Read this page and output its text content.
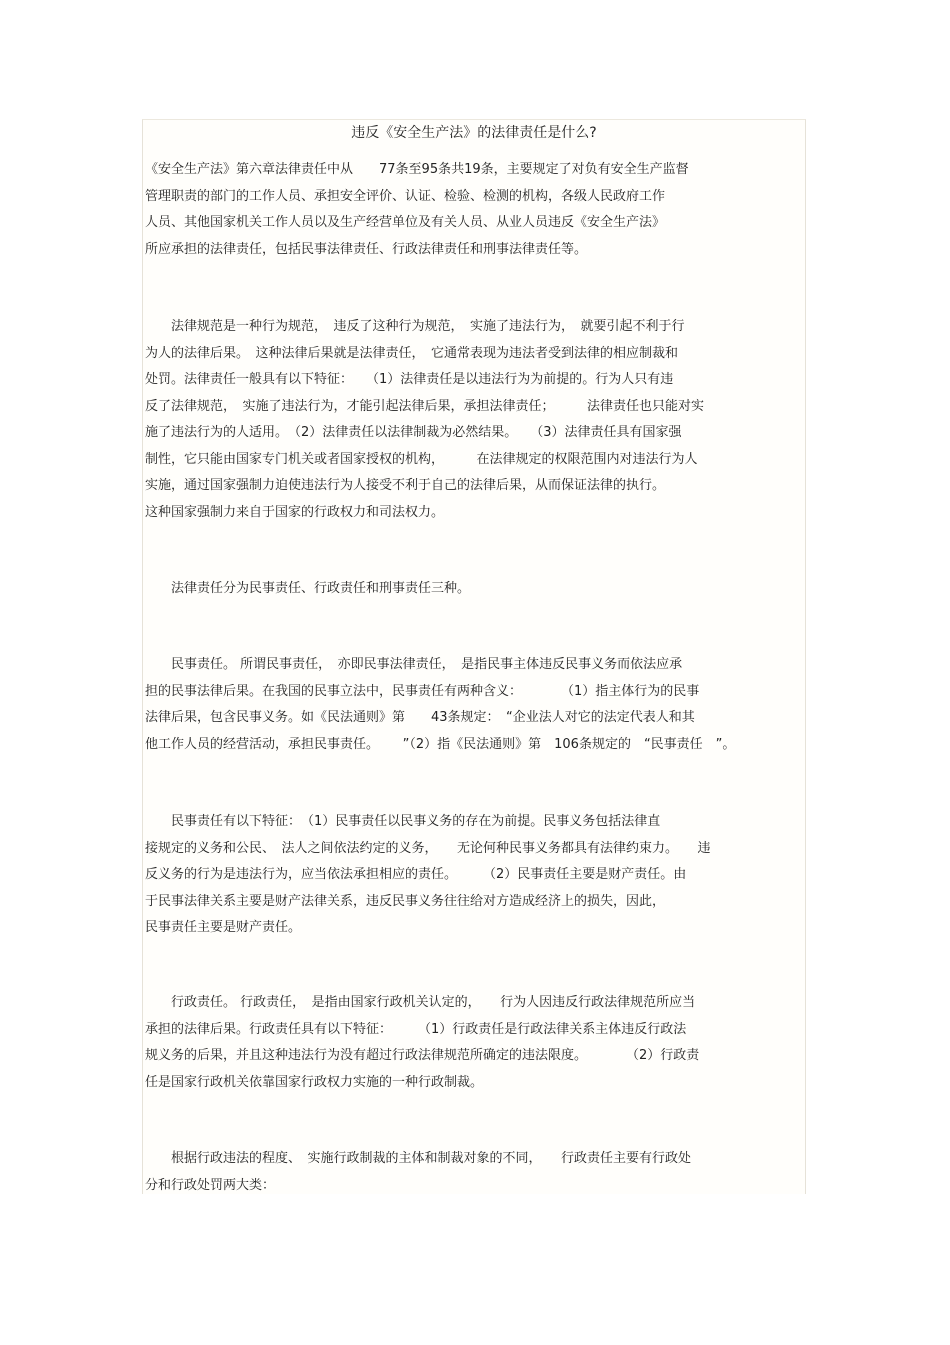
违反《安全生产法》的法律责任是什么?

《安全生产法》第六章法律责任中从　　77条至95条共19条，主要规定了对负有安全生产监督
管理职责的部门的工作人员、承担安全评价、认证、检验、检测的机构，各级人民政府工作
人员、其他国家机关工作人员以及生产经营单位及有关人员、从业人员违反《安全生产法》
所应承担的法律责任，包括民事法律责任、行政法律责任和刑事法律责任等。

　　法律规范是一种行为规范，　违反了这种行为规范，　实施了违法行为，　就要引起不利于行
为人的法律后果。　这种法律后果就是法律责任，　它通常表现为违法者受到法律的相应制裁和
处罚。法律责任一般具有以下特征：　　（1）法律责任是以违法行为为前提的。行为人只有违
反了法律规范，　实施了违法行为，才能引起法律后果，承担法律责任；　　　法律责任也只能对实
施了违法行为的人适用。　（2）法律责任以法律制裁为必然结果。　　（3）法律责任具有国家强
制性，它只能由国家专门机关或者国家授权的机构，　　　在法律规定的权限范围内对违法行为人
实施，通过国家强制力迫使违法行为人接受不利于自己的法律后果，从而保证法律的执行。
这种国家强制力来自于国家的行政权力和司法权力。

　　法律责任分为民事责任、行政责任和刑事责任三种。

　　民事责任。 所谓民事责任，　亦即民事法律责任，　是指民事主体违反民事义务而依法应承
担的民事法律后果。在我国的民事立法中，民事责任有两种含义：　　　　（1）指主体行为的民事
法律后果，包含民事义务。如《民法通则》第　　43条规定：　“企业法人对它的法定代表人和其
他工作人员的经营活动，承担民事责任。　　 ”（2）指《民法通则》第　106条规定的　“民事责任　”。

　　民事责任有以下特征：　（1）民事责任以民事义务的存在为前提。民事义务包括法律直
接规定的义务和公民、　法人之间依法约定的义务，　　无论何种民事义务都具有法律约束力。　　违
反义务的行为是违法行为，应当依法承担相应的责任。　　　（2）民事责任主要是财产责任。由
于民事法律关系主要是财产法律关系，违反民事义务往往给对方造成经济上的损失，因此，
民事责任主要是财产责任。

　　行政责任。 行政责任，　是指由国家行政机关认定的，　　行为人因违反行政法律规范所应当
承担的法律后果。行政责任具有以下特征：　　　（1）行政责任是行政法律关系主体违反行政法
规义务的后果，并且这种违法行为没有超过行政法律规范所确定的违法限度。　　　　（2）行政责
任是国家行政机关依靠国家行政权力实施的一种行政制裁。

　　根据行政违法的程度、　实施行政制裁的主体和制裁对象的不同，　　行政责任主要有行政处
分和行政处罚两大类：
